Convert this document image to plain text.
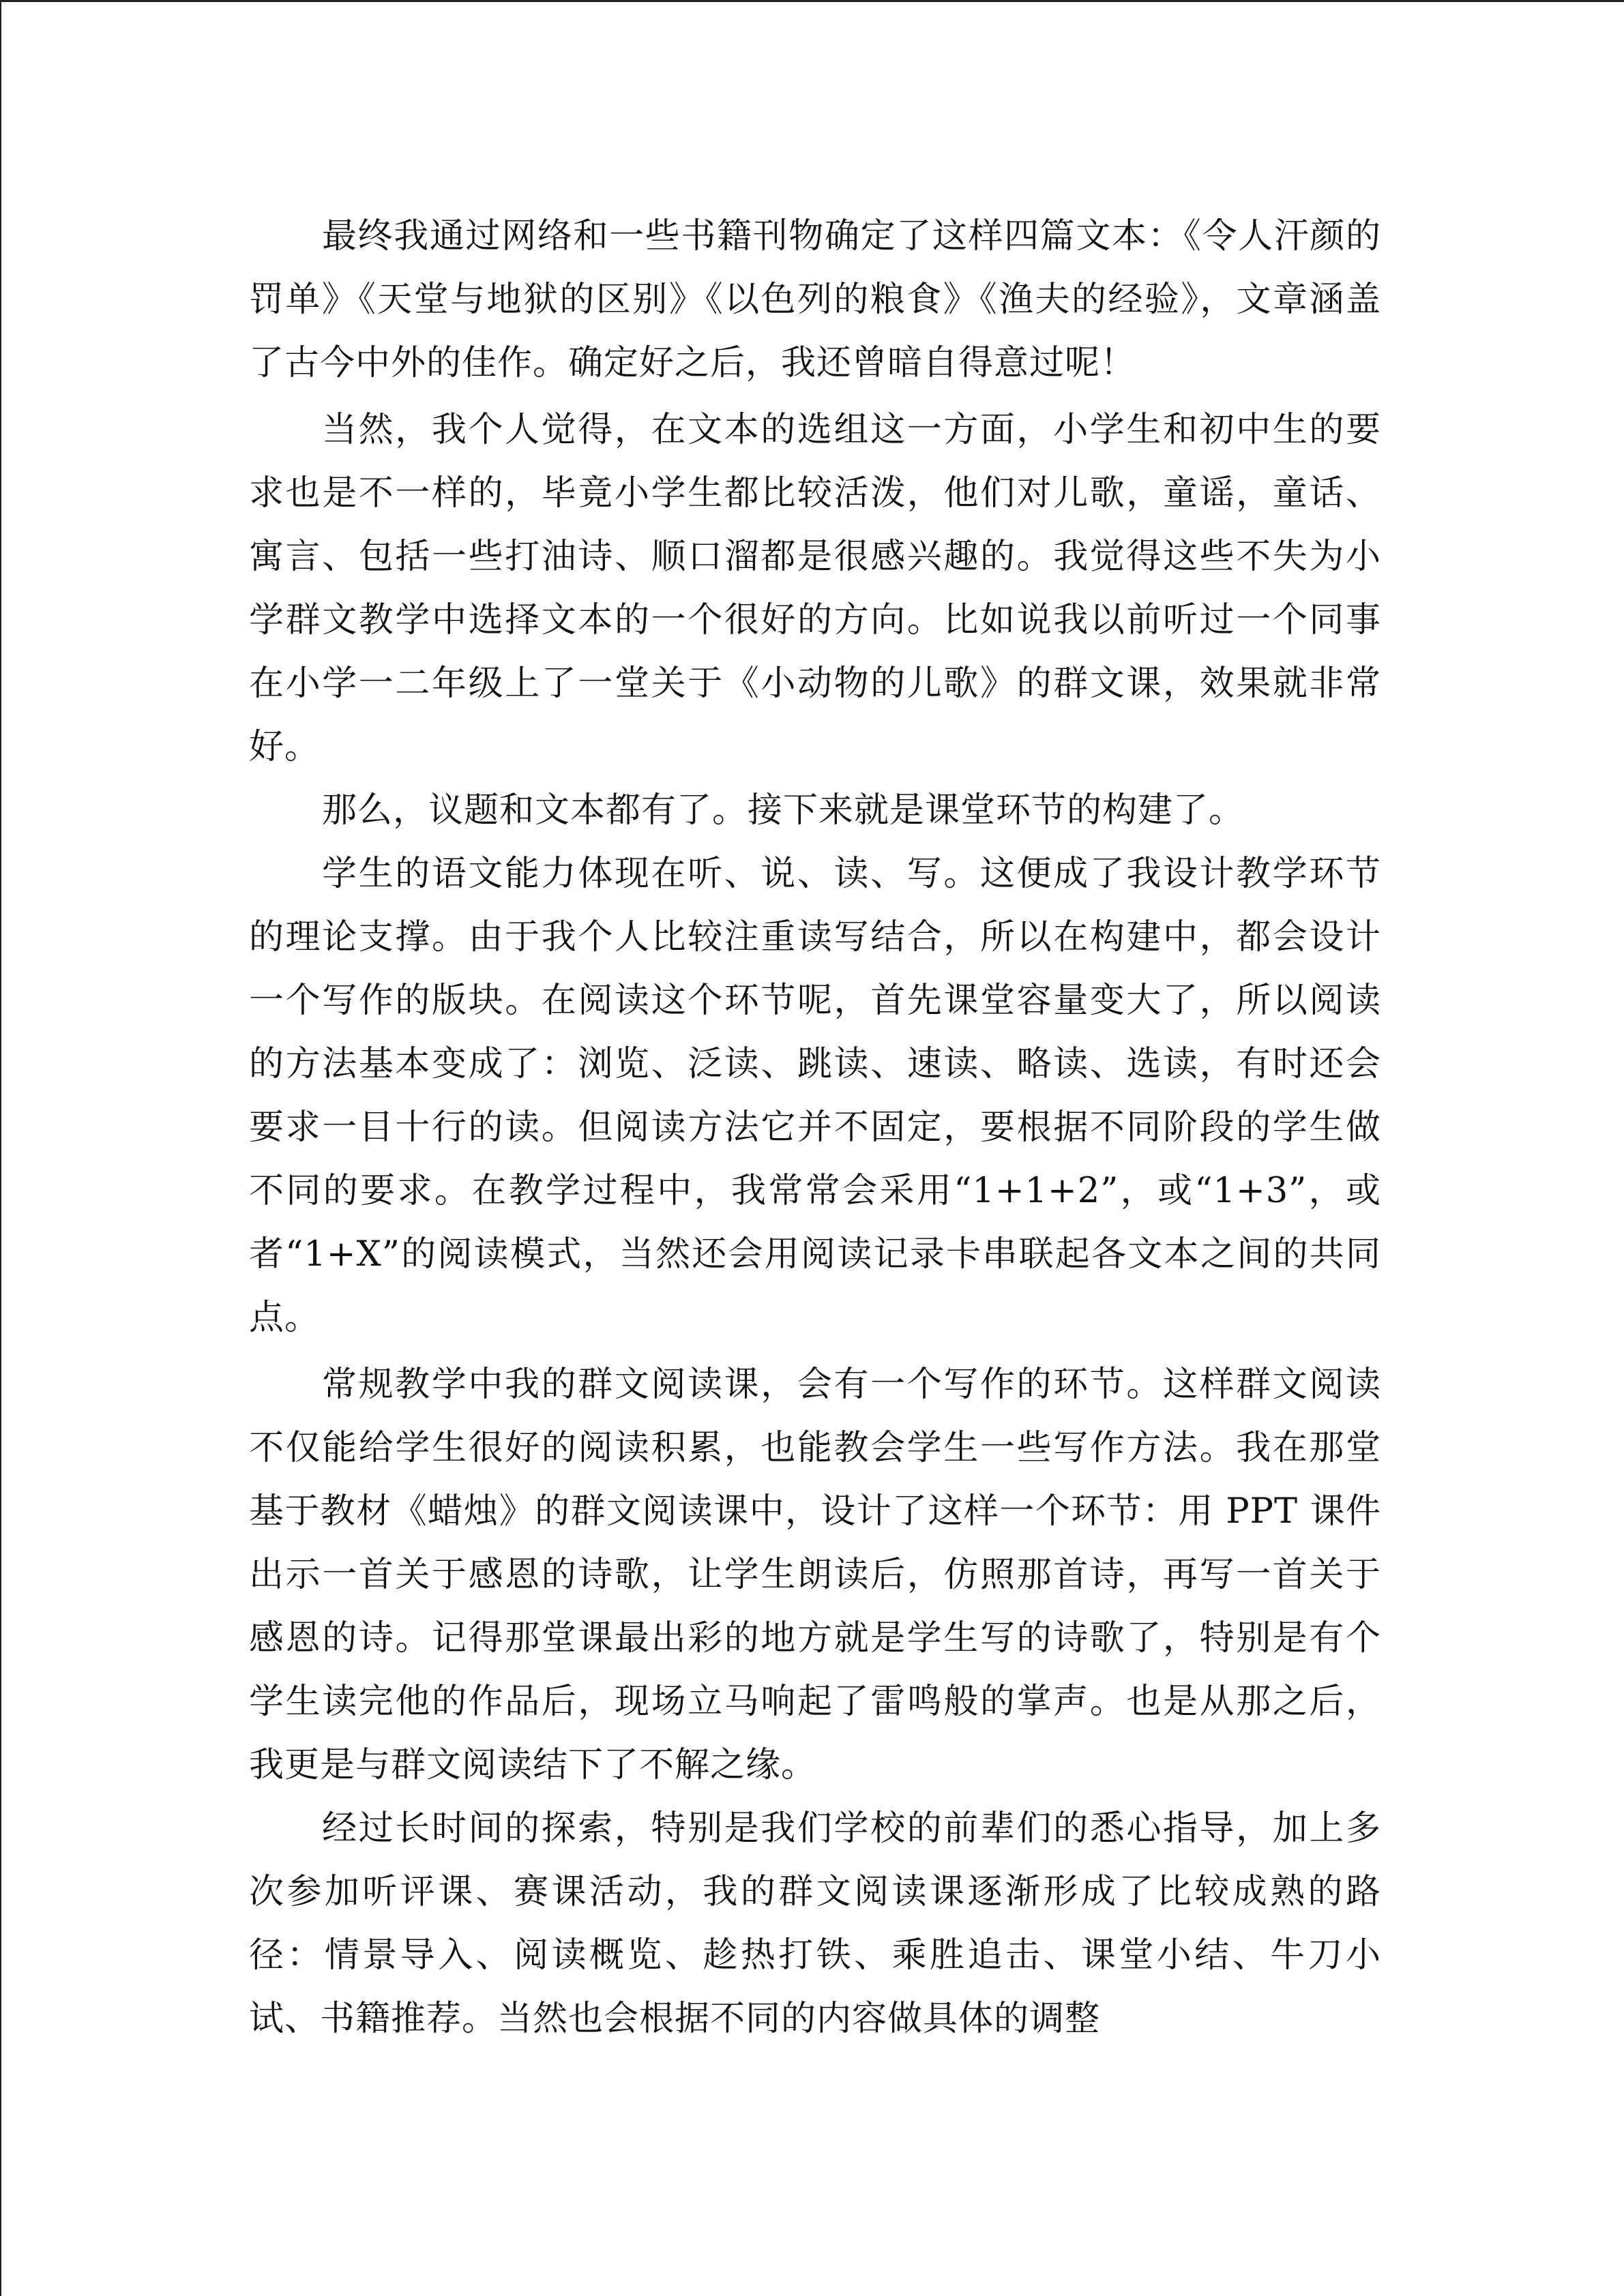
最终我通过网络和一些书籍刊物确定了这样四篇文本：《令人汗颜的罚单》《天堂与地狱的区别》《以色列的粮食》《渔夫的经验》，文章涵盖了古今中外的佳作。确定好之后，我还曾暗自得意过呢！

当然，我个人觉得，在文本的选组这一方面，小学生和初中生的要求也是不一样的，毕竟小学生都比较活泼，他们对儿歌，童谣，童话、寓言、包括一些打油诗、顺口溜都是很感兴趣的。我觉得这些不失为小学群文教学中选择文本的一个很好的方向。比如说我以前听过一个同事在小学一二年级上了一堂关于《小动物的儿歌》的群文课，效果就非常好。

那么，议题和文本都有了。接下来就是课堂环节的构建了。

学生的语文能力体现在听、说、读、写。这便成了我设计教学环节的理论支撑。由于我个人比较注重读写结合，所以在构建中，都会设计一个写作的版块。在阅读这个环节呢，首先课堂容量变大了，所以阅读的方法基本变成了：浏览、泛读、跳读、速读、略读、选读，有时还会要求一目十行的读。但阅读方法它并不固定，要根据不同阶段的学生做不同的要求。在教学过程中，我常常会采用“1+1+2”，或“1+3”，或者“1+X”的阅读模式，当然还会用阅读记录卡串联起各文本之间的共同点。

常规教学中我的群文阅读课，会有一个写作的环节。这样群文阅读不仅能给学生很好的阅读积累，也能教会学生一些写作方法。我在那堂基于教材《蜡烛》的群文阅读课中，设计了这样一个环节：用 PPT 课件出示一首关于感恩的诗歌，让学生朗读后，仿照那首诗，再写一首关于感恩的诗。记得那堂课最出彩的地方就是学生写的诗歌了，特别是有个学生读完他的作品后，现场立马响起了雷鸣般的掌声。也是从那之后，我更是与群文阅读结下了不解之缘。

经过长时间的探索，特别是我们学校的前辈们的悉心指导，加上多次参加听评课、赛课活动，我的群文阅读课逐渐形成了比较成熟的路径：情景导入、阅读概览、趁热打铁、乘胜追击、课堂小结、牛刀小试、书籍推荐。当然也会根据不同的内容做具体的调整
